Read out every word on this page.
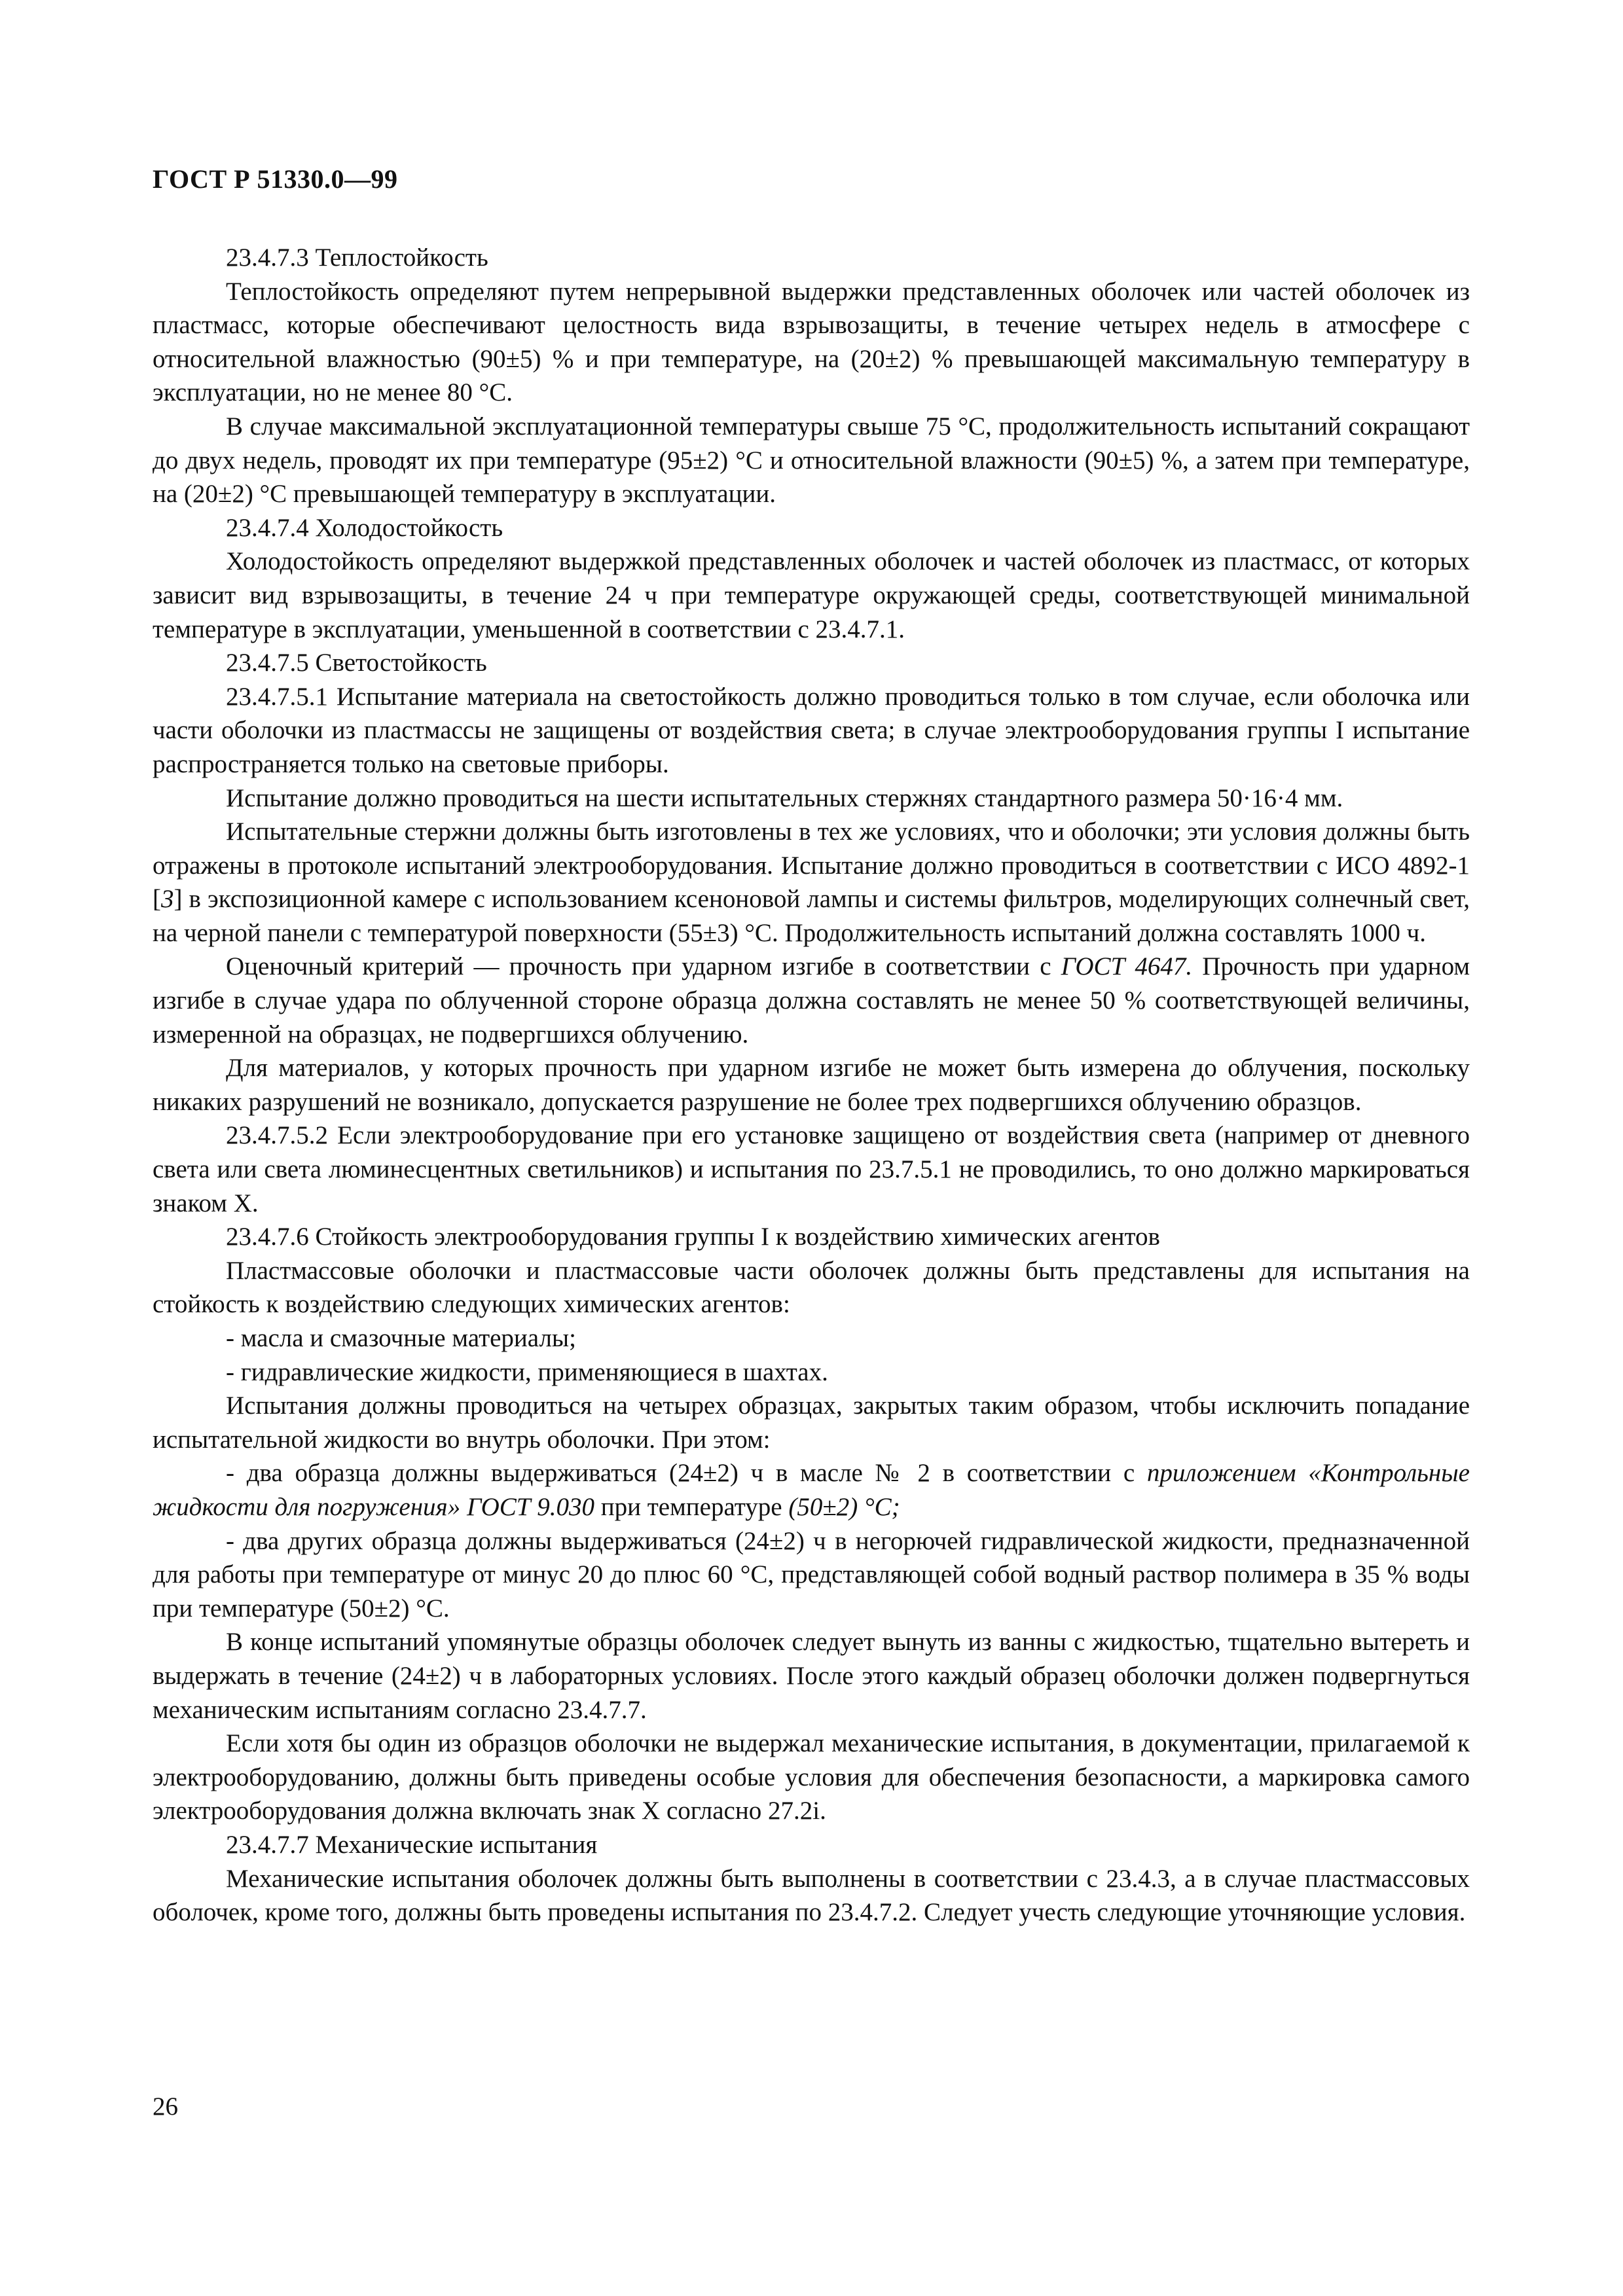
ГОСТ Р 51330.0—99

23.4.7.3 Теплостойкость

Теплостойкость определяют путем непрерывной выдержки представленных оболочек или частей оболочек из пластмасс, которые обеспечивают целостность вида взрывозащиты, в течение четырех недель в атмосфере с относительной влажностью (90±5) % и при температуре, на (20±2) % превышающей максимальную температуру в эксплуатации, но не менее 80 °С.

В случае максимальной эксплуатационной температуры свыше 75 °С, продолжительность испытаний сокращают до двух недель, проводят их при температуре (95±2) °С и относительной влажности (90±5) %, а затем при температуре, на (20±2) °С превышающей температуру в эксплуатации.

23.4.7.4 Холодостойкость

Холодостойкость определяют выдержкой представленных оболочек и частей оболочек из пластмасс, от которых зависит вид взрывозащиты, в течение 24 ч при температуре окружающей среды, соответствующей минимальной температуре в эксплуатации, уменьшенной в соответствии с 23.4.7.1.

23.4.7.5 Светостойкость

23.4.7.5.1 Испытание материала на светостойкость должно проводиться только в том случае, если оболочка или части оболочки из пластмассы не защищены от воздействия света; в случае электрооборудования группы I испытание распространяется только на световые приборы.

Испытание должно проводиться на шести испытательных стержнях стандартного размера 50·16·4 мм.

Испытательные стержни должны быть изготовлены в тех же условиях, что и оболочки; эти условия должны быть отражены в протоколе испытаний электрооборудования. Испытание должно проводиться в соответствии с ИСО 4892-1 [3] в экспозиционной камере с использованием ксеноновой лампы и системы фильтров, моделирующих солнечный свет, на черной панели с температурой поверхности (55±3) °С. Продолжительность испытаний должна составлять 1000 ч.

Оценочный критерий — прочность при ударном изгибе в соответствии с ГОСТ 4647. Прочность при ударном изгибе в случае удара по облученной стороне образца должна составлять не менее 50 % соответствующей величины, измеренной на образцах, не подвергшихся облучению.

Для материалов, у которых прочность при ударном изгибе не может быть измерена до облучения, поскольку никаких разрушений не возникало, допускается разрушение не более трех подвергшихся облучению образцов.

23.4.7.5.2 Если электрооборудование при его установке защищено от воздействия света (например от дневного света или света люминесцентных светильников) и испытания по 23.7.5.1 не проводились, то оно должно маркироваться знаком X.

23.4.7.6 Стойкость электрооборудования группы I к воздействию химических агентов

Пластмассовые оболочки и пластмассовые части оболочек должны быть представлены для испытания на стойкость к воздействию следующих химических агентов:

- масла и смазочные материалы;

- гидравлические жидкости, применяющиеся в шахтах.

Испытания должны проводиться на четырех образцах, закрытых таким образом, чтобы исключить попадание испытательной жидкости во внутрь оболочки. При этом:

- два образца должны выдерживаться (24±2) ч в масле № 2 в соответствии с приложением «Контрольные жидкости для погружения» ГОСТ 9.030 при температуре (50±2) °С;

- два других образца должны выдерживаться (24±2) ч в негорючей гидравлической жидкости, предназначенной для работы при температуре от минус 20 до плюс 60 °С, представляющей собой водный раствор полимера в 35 % воды при температуре (50±2) °С.

В конце испытаний упомянутые образцы оболочек следует вынуть из ванны с жидкостью, тщательно вытереть и выдержать в течение (24±2) ч в лабораторных условиях. После этого каждый образец оболочки должен подвергнуться механическим испытаниям согласно 23.4.7.7.

Если хотя бы один из образцов оболочки не выдержал механические испытания, в документации, прилагаемой к электрооборудованию, должны быть приведены особые условия для обеспечения безопасности, а маркировка самого электрооборудования должна включать знак X согласно 27.2i.

23.4.7.7 Механические испытания

Механические испытания оболочек должны быть выполнены в соответствии с 23.4.3, а в случае пластмассовых оболочек, кроме того, должны быть проведены испытания по 23.4.7.2. Следует учесть следующие уточняющие условия.

26
